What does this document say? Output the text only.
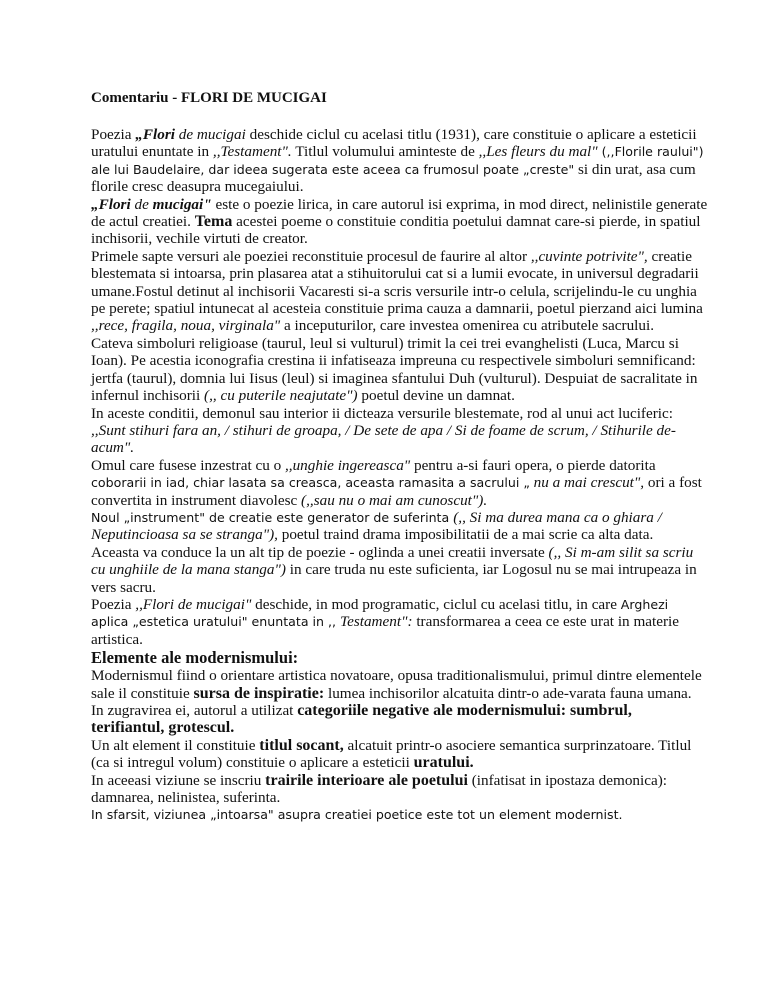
Comentariu - FLORI DE MUCIGAI

Poezia „Flori de mucigai deschide ciclul cu acelasi titlu (1931), care constituie o aplicare a esteticii uratului enuntate in ,,Testament". Titlul volumului aminteste de ,,Les fleurs du mal" (,,Florile raului") ale lui Baudelaire, dar ideea sugerata este aceea ca frumosul poate „creste" si din urat, asa cum florile cresc deasupra mucegaiului.

„Flori de mucigai" este o poezie lirica, in care autorul isi exprima, in mod direct, nelinistile generate de actul creatiei. Tema acestei poeme o constituie conditia poetului damnat care-si pierde, in spatiul inchisorii, vechile virtuti de creator.

Primele sapte versuri ale poeziei reconstituie procesul de faurire al altor ,,cuvinte potrivite", creatie blestemata si intoarsa, prin plasarea atat a stihuitorului cat si a lumii evocate, in universul degradarii umane.Fostul detinut al inchisorii Vacaresti si-a scris versurile intr-o celula, scrijelindu-le cu unghia pe perete; spatiul intunecat al acesteia constituie prima cauza a damnarii, poetul pierzand aici lumina ,,rece, fragila, noua, virginala" a inceputurilor, care investea omenirea cu atributele sacrului.

Cateva simboluri religioase (taurul, leul si vulturul) trimit la cei trei evanghelisti (Luca, Marcu si Ioan). Pe acestia iconografia crestina ii infatiseaza impreuna cu respectivele simboluri semnificand: jertfa (taurul), domnia lui Iisus (leul) si imaginea sfantului Duh (vulturul). Despuiat de sacralitate in infernul inchisorii (,, cu puterile neajutate") poetul devine un damnat.

In aceste conditii, demonul sau interior ii dicteaza versurile blestemate, rod al unui act luciferic: ,,Sunt stihuri fara an, / stihuri de groapa, / De sete de apa / Si de foame de scrum, / Stihurile de-acum".

Omul care fusese inzestrat cu o ,,unghie ingereasca" pentru a-si fauri opera, o pierde datorita coborarii in iad, chiar lasata sa creasca, aceasta ramasita a sacrului „ nu a mai crescut", ori a fost convertita in instrument diavolesc (,,sau nu o mai am cunoscut").

Noul „instrument" de creatie este generator de suferinta (,, Si ma durea mana ca o ghiara / Neputincioasa sa se stranga"), poetul traind drama imposibilitatii de a mai scrie ca alta data.

Aceasta va conduce la un alt tip de poezie - oglinda a unei creatii inversate (,, Si m-am silit sa scriu cu unghiile de la mana stanga") in care truda nu este suficienta, iar Logosul nu se mai intrupeaza in vers sacru.

Poezia ,,Flori de mucigai" deschide, in mod programatic, ciclul cu acelasi titlu, in care Arghezi aplica „estetica uratului" enuntata in ,, Testament": transformarea a ceea ce este urat in materie artistica.

Elemente ale modernismului:

Modernismul fiind o orientare artistica novatoare, opusa traditionalismului, primul dintre elementele sale il constituie sursa de inspiratie: lumea inchisorilor alcatuita dintr-o ade-varata fauna umana.

In zugravirea ei, autorul a utilizat categoriile negative ale modernismului: sumbrul, terifiantul, grotescul.

Un alt element il constituie titlul socant, alcatuit printr-o asociere semantica surprinzatoare. Titlul (ca si intregul volum) constituie o aplicare a esteticii uratului.

In aceeasi viziune se inscriu trairile interioare ale poetului (infatisat in ipostaza demonica): damnarea, nelinistea, suferinta.

In sfarsit, viziunea „intoarsa" asupra creatiei poetice este tot un element modernist.
